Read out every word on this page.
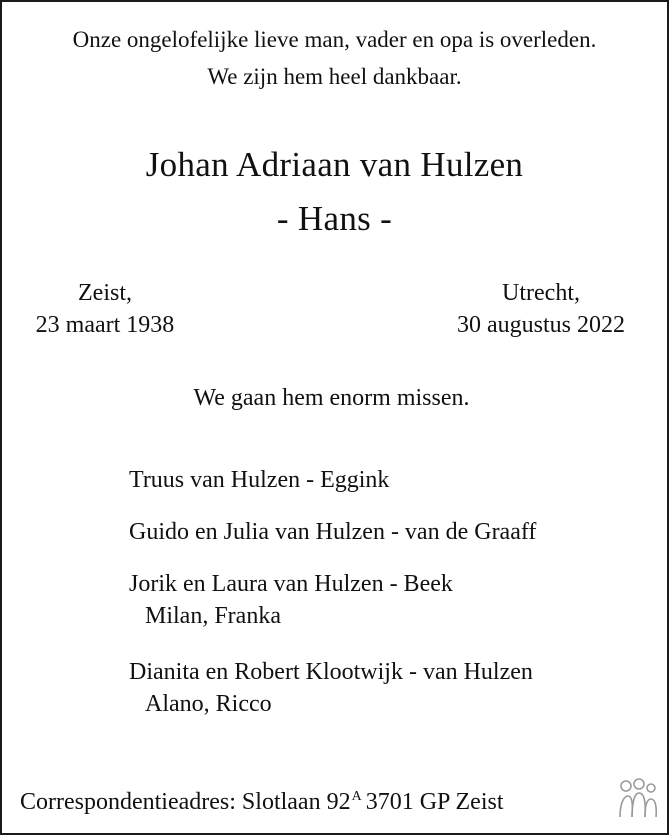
Onze ongelofelijke lieve man, vader en opa is overleden.
We zijn hem heel dankbaar.
Johan Adriaan van Hulzen
- Hans -
Zeist,
23 maart 1938
Utrecht,
30 augustus 2022
We gaan hem enorm missen.
Truus van Hulzen - Eggink
Guido en Julia van Hulzen - van de Graaff
Jorik en Laura van Hulzen - Beek
Milan, Franka
Dianita en Robert Klootwijk - van Hulzen
Alano, Ricco
Correspondentieadres: Slotlaan $92^A$ 3701 GP Zeist
